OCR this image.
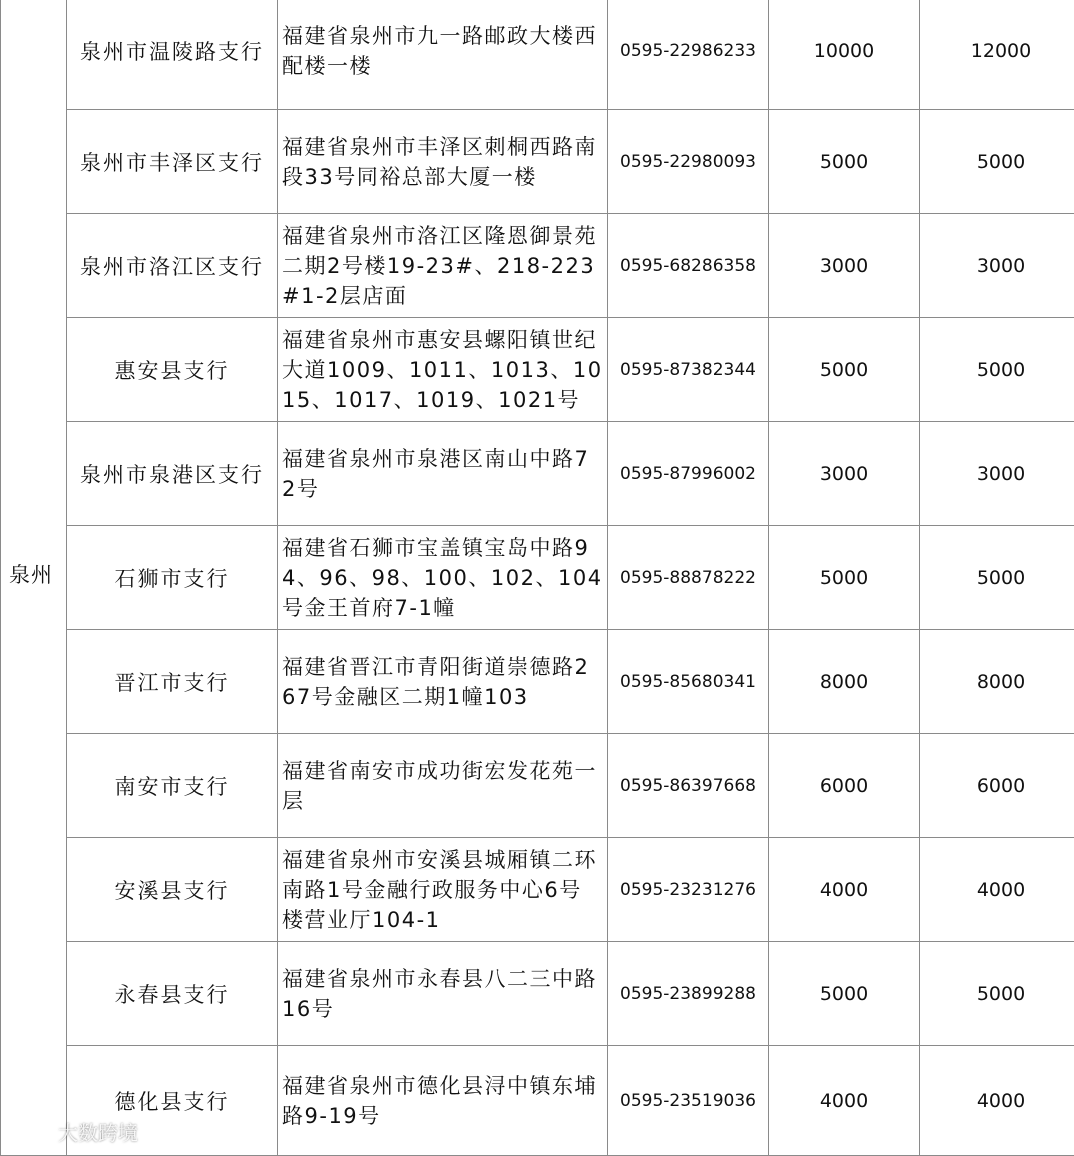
泉州	泉州市温陵路支行	福建省泉州市九一路邮政大楼西配楼一楼	0595-22986233	10000	12000
	泉州市丰泽区支行	福建省泉州市丰泽区刺桐西路南段33号同裕总部大厦一楼	0595-22980093	5000	5000
	泉州市洛江区支行	福建省泉州市洛江区隆恩御景苑二期2号楼19-23#、218-223#1-2层店面	0595-68286358	3000	3000
	惠安县支行	福建省泉州市惠安县螺阳镇世纪大道1009、1011、1013、1015、1017、1019、1021号	0595-87382344	5000	5000
	泉州市泉港区支行	福建省泉州市泉港区南山中路72号	0595-87996002	3000	3000
	石狮市支行	福建省石狮市宝盖镇宝岛中路94、96、98、100、102、104号金王首府7-1幢	0595-88878222	5000	5000
	晋江市支行	福建省晋江市青阳街道崇德路267号金融区二期1幢103	0595-85680341	8000	8000
	南安市支行	福建省南安市成功街宏发花苑一层	0595-86397668	6000	6000
	安溪县支行	福建省泉州市安溪县城厢镇二环南路1号金融行政服务中心6号楼营业厅104-1	0595-23231276	4000	4000
	永春县支行	福建省泉州市永春县八二三中路16号	0595-23899288	5000	5000
	德化县支行	福建省泉州市德化县浔中镇东埔路9-19号	0595-23519036	4000	4000
大数跨境
